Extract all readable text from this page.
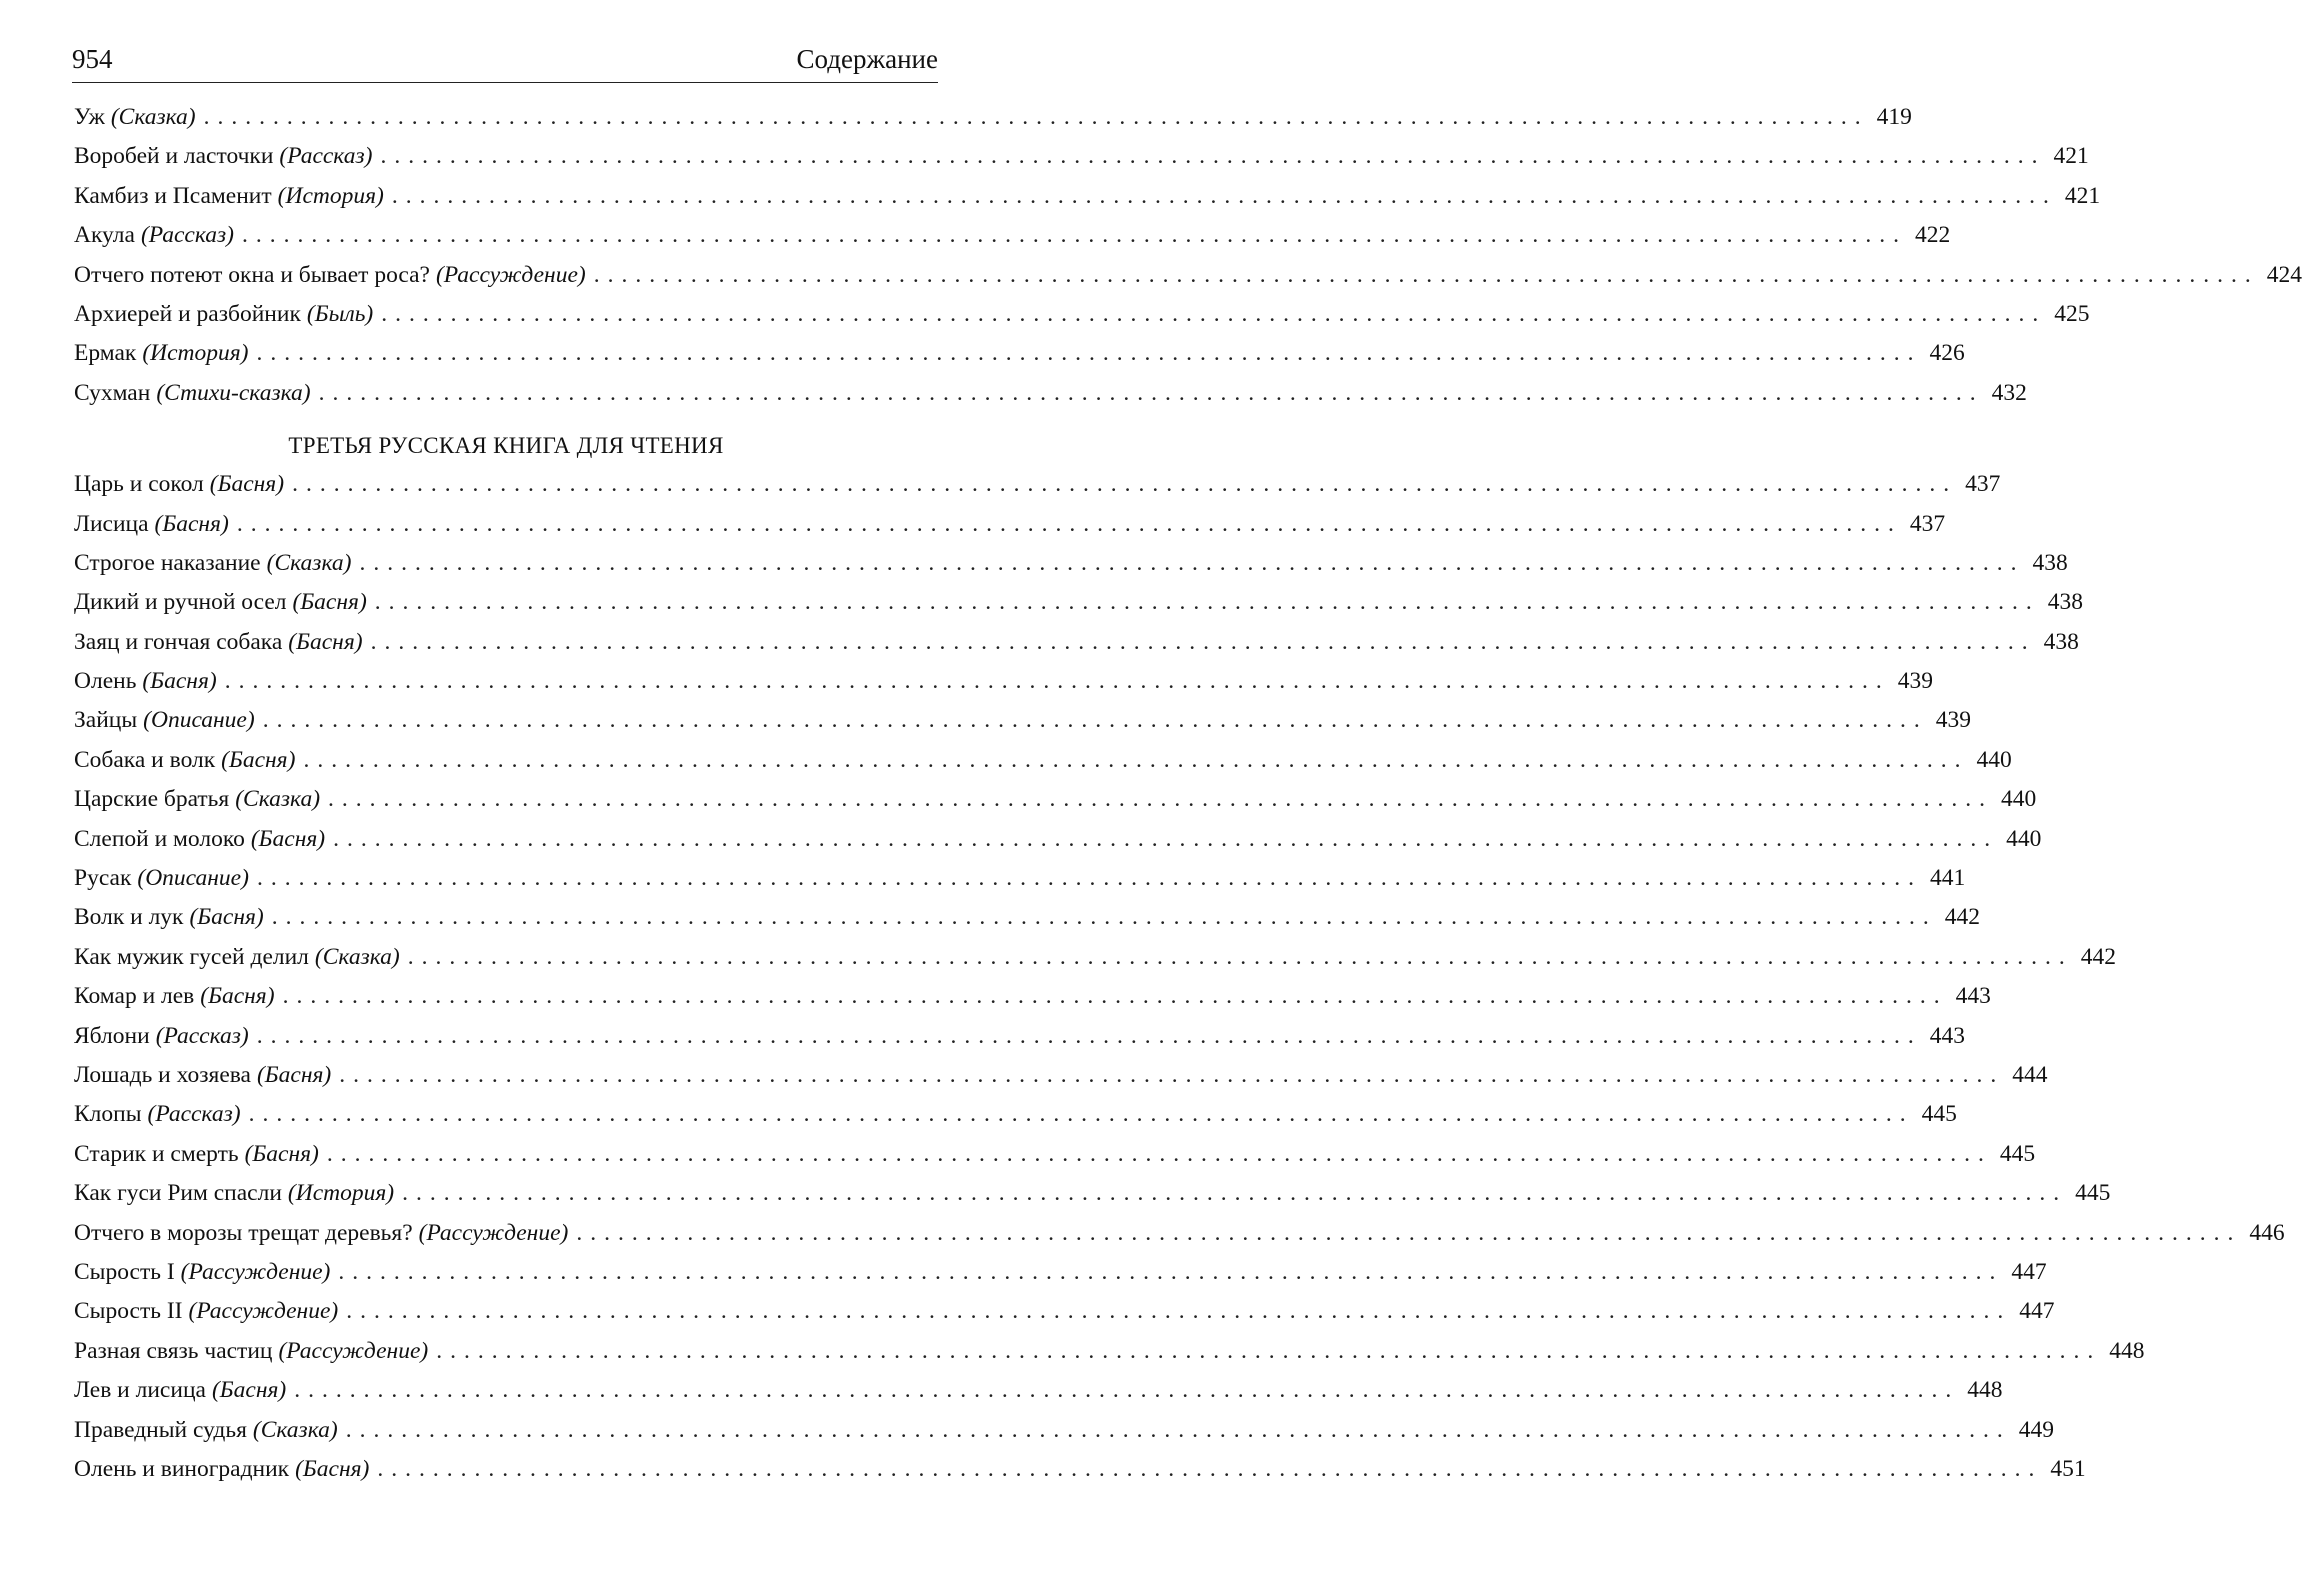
954	Содержание
Уж (Сказка) ........................................................................................................................ 419
Воробей и ласточки (Рассказ) ........................................................................................................................ 421
Камбиз и Псаменит (История) ........................................................................................................................ 421
Акула (Рассказ) ........................................................................................................................ 422
Отчего потеют окна и бывает роса? (Рассуждение) ........................................................................................................................ 424
Архиерей и разбойник (Быль) ........................................................................................................................ 425
Ермак (История) ........................................................................................................................ 426
Сухман (Стихи-сказка) ........................................................................................................................ 432
ТРЕТЬЯ РУССКАЯ КНИГА ДЛЯ ЧТЕНИЯ
Царь и сокол (Басня) ........................................................................................................................ 437
Лисица (Басня) ........................................................................................................................ 437
Строгое наказание (Сказка) ........................................................................................................................ 438
Дикий и ручной осел (Басня) ........................................................................................................................ 438
Заяц и гончая собака (Басня) ........................................................................................................................ 438
Олень (Басня) ........................................................................................................................ 439
Зайцы (Описание) ........................................................................................................................ 439
Собака и волк (Басня) ........................................................................................................................ 440
Царские братья (Сказка) ........................................................................................................................ 440
Слепой и молоко (Басня) ........................................................................................................................ 440
Русак (Описание) ........................................................................................................................ 441
Волк и лук (Басня) ........................................................................................................................ 442
Как мужик гусей делил (Сказка) ........................................................................................................................ 442
Комар и лев (Басня) ........................................................................................................................ 443
Яблони (Рассказ) ........................................................................................................................ 443
Лошадь и хозяева (Басня) ........................................................................................................................ 444
Клопы (Рассказ) ........................................................................................................................ 445
Старик и смерть (Басня) ........................................................................................................................ 445
Как гуси Рим спасли (История) ........................................................................................................................ 445
Отчего в морозы трещат деревья? (Рассуждение) ........................................................................................................................ 446
Сырость I (Рассуждение) ........................................................................................................................ 447
Сырость II (Рассуждение) ........................................................................................................................ 447
Разная связь частиц (Рассуждение) ........................................................................................................................ 448
Лев и лисица (Басня) ........................................................................................................................ 448
Праведный судья (Сказка) ........................................................................................................................ 449
Олень и виноградник (Басня) ........................................................................................................................ 451
